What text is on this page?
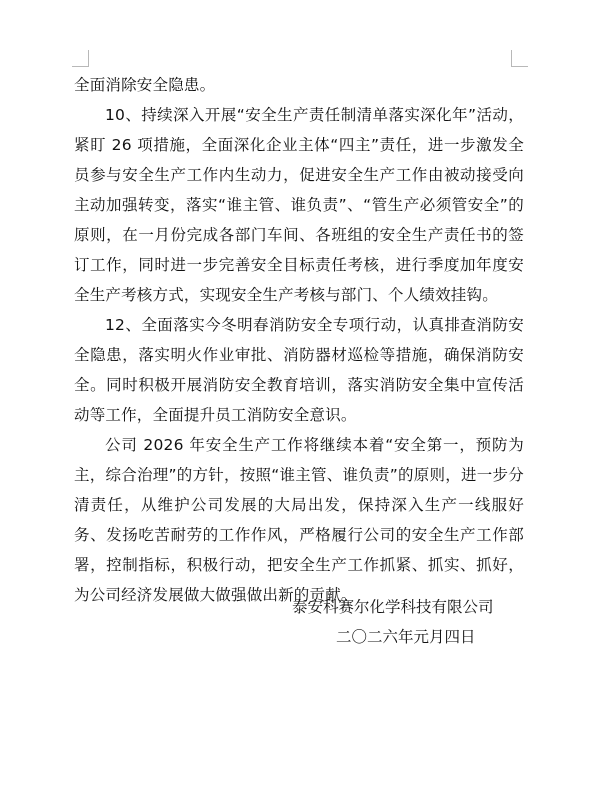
全面消除安全隐患。

10、持续深入开展“安全生产责任制清单落实深化年”活动，紧盯 26 项措施，全面深化企业主体“四主”责任，进一步激发全员参与安全生产工作内生动力，促进安全生产工作由被动接受向主动加强转变，落实“谁主管、谁负责”、“管生产必须管安全”的原则，在一月份完成各部门车间、各班组的安全生产责任书的签订工作，同时进一步完善安全目标责任考核，进行季度加年度安全生产考核方式，实现安全生产考核与部门、个人绩效挂钩。

12、全面落实今冬明春消防安全专项行动，认真排查消防安全隐患，落实明火作业审批、消防器材巡检等措施，确保消防安全。同时积极开展消防安全教育培训，落实消防安全集中宣传活动等工作，全面提升员工消防安全意识。

公司 2026 年安全生产工作将继续本着“安全第一，预防为主，综合治理”的方针，按照“谁主管、谁负责”的原则，进一步分清责任，从维护公司发展的大局出发，保持深入生产一线服好务、发扬吃苦耐劳的工作作风，严格履行公司的安全生产工作部署，控制指标，积极行动，把安全生产工作抓紧、抓实、抓好，为公司经济发展做大做强做出新的贡献。

泰安科赛尔化学科技有限公司
二〇二六年元月四日
